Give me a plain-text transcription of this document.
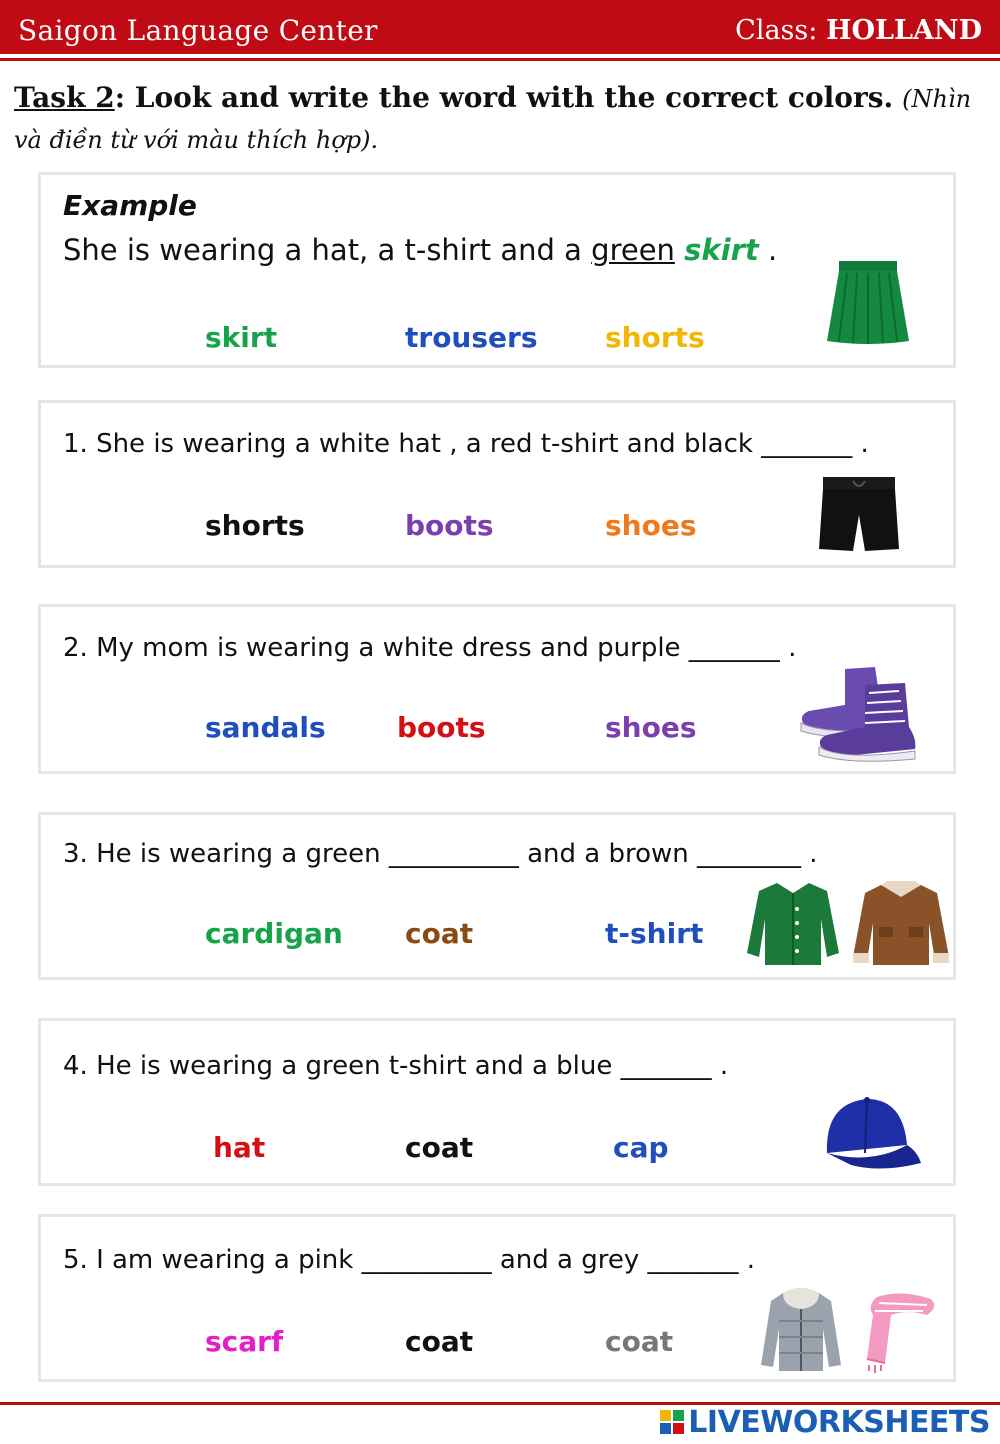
Saigon Language Center	Class: HOLLAND
Task 2: Look and write the word with the correct colors. (Nhìn và điền từ với màu thích hợp).
Example
She is wearing a hat, a t-shirt and a green skirt .
skirt	trousers shorts
1. She is wearing a white hat , a red t-shirt and black _______ .
shorts	boots	shoes
2. My mom is wearing a white dress and purple _______ .
sandals	boots	shoes
3. He is wearing a green __________ and a brown ________ .
cardigan coat	t-shirt
4. He is wearing a green t-shirt and a blue _______ .
hat	coat	cap
5. I am wearing a pink __________ and a grey _______ .
scarf	coat	coat
LIVEWORKSHEETS
